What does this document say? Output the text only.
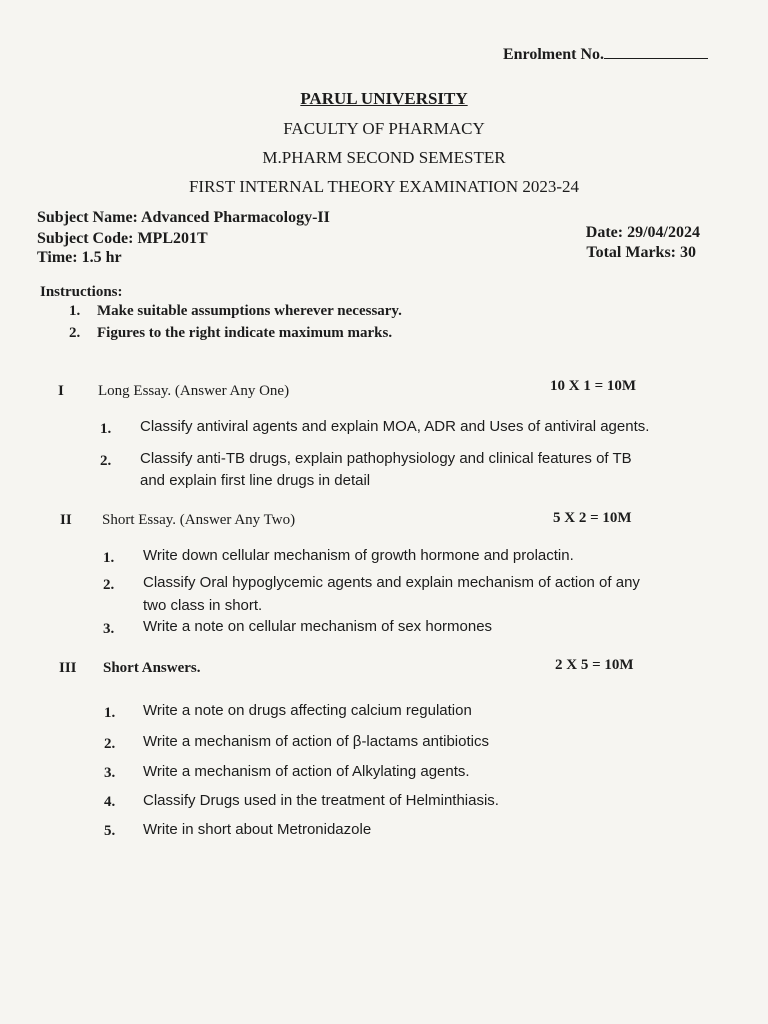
Enrolment No.
PARUL UNIVERSITY
FACULTY OF PHARMACY
M.PHARM SECOND SEMESTER
FIRST INTERNAL THEORY EXAMINATION 2023-24
Subject Name: Advanced Pharmacology-II
Subject Code: MPL201T
Time: 1.5 hr
Date: 29/04/2024
Total Marks: 30
Instructions:
1. Make suitable assumptions wherever necessary.
2. Figures to the right indicate maximum marks.
I Long Essay. (Answer Any One)	10 X 1 = 10M
1. Classify antiviral agents and explain MOA, ADR and Uses of antiviral agents.
2. Classify anti-TB drugs, explain pathophysiology and clinical features of TB
and explain first line drugs in detail
II Short Essay. (Answer Any Two)	5 X 2 = 10M
1. Write down cellular mechanism of growth hormone and prolactin.
2. Classify Oral hypoglycemic agents and explain mechanism of action of any
two class in short.
3. Write a note on cellular mechanism of sex hormones
III Short Answers.	2 X 5 = 10M
1. Write a note on drugs affecting calcium regulation
2. Write a mechanism of action of β-lactams antibiotics
3. Write a mechanism of action of Alkylating agents.
4. Classify Drugs used in the treatment of Helminthiasis.
5. Write in short about Metronidazole
